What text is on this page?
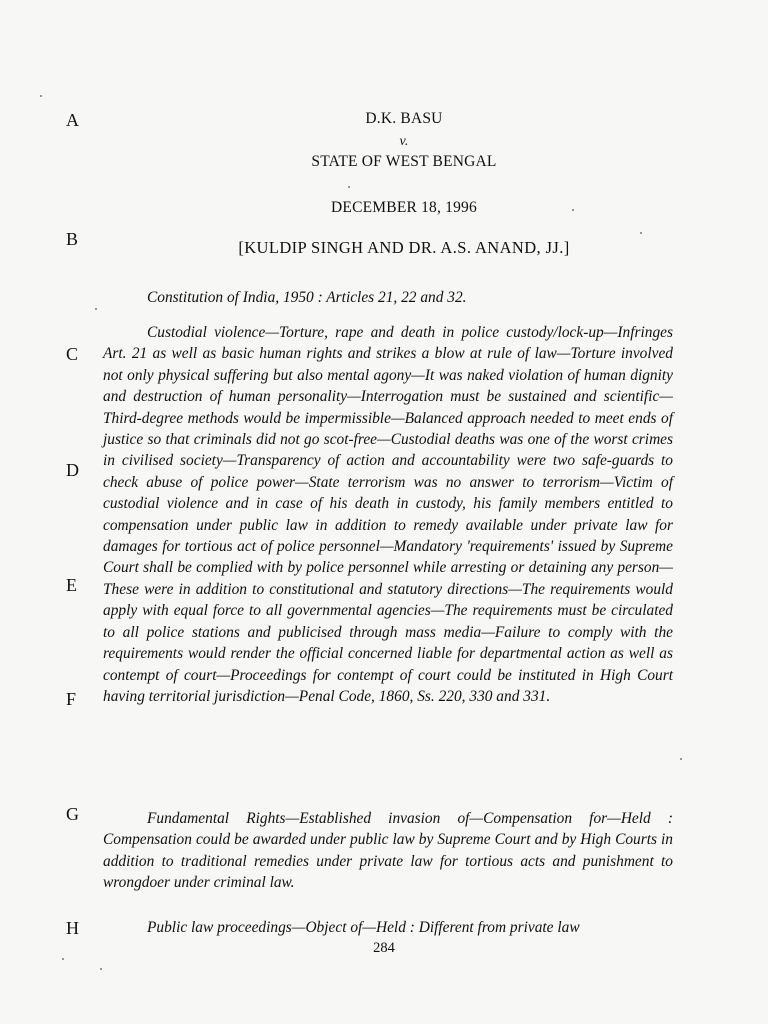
A
B
C
D
E
F
G
H
D.K. BASU
v.
STATE OF WEST BENGAL
DECEMBER 18, 1996
[KULDIP SINGH AND DR. A.S. ANAND, JJ.]

Constitution of India, 1950 : Articles 21, 22 and 32.

Custodial violence—Torture, rape and death in police custody/lock-up—Infringes Art. 21 as well as basic human rights and strikes a blow at rule of law—Torture involved not only physical suffering but also mental agony—It was naked violation of human dignity and destruction of human personality—Interrogation must be sustained and scientific—Third-degree methods would be impermissible—Balanced approach needed to meet ends of justice so that criminals did not go scot-free—Custodial deaths was one of the worst crimes in civilised society—Transparency of action and accountability were two safe-guards to check abuse of police power—State terrorism was no answer to terrorism—Victim of custodial violence and in case of his death in custody, his family members entitled to compensation under public law in addition to remedy available under private law for damages for tortious act of police personnel—Mandatory 'requirements' issued by Supreme Court shall be complied with by police personnel while arresting or detaining any person—These were in addition to constitutional and statutory directions—The requirements would apply with equal force to all governmental agencies—The requirements must be circulated to all police stations and publicised through mass media—Failure to comply with the requirements would render the official concerned liable for departmental action as well as contempt of court—Proceedings for contempt of court could be instituted in High Court having territorial jurisdiction—Penal Code, 1860, Ss. 220, 330 and 331.

Fundamental Rights—Established invasion of—Compensation for—Held : Compensation could be awarded under public law by Supreme Court and by High Courts in addition to traditional remedies under private law for tortious acts and punishment to wrongdoer under criminal law.

Public law proceedings—Object of—Held : Different from private law

284
